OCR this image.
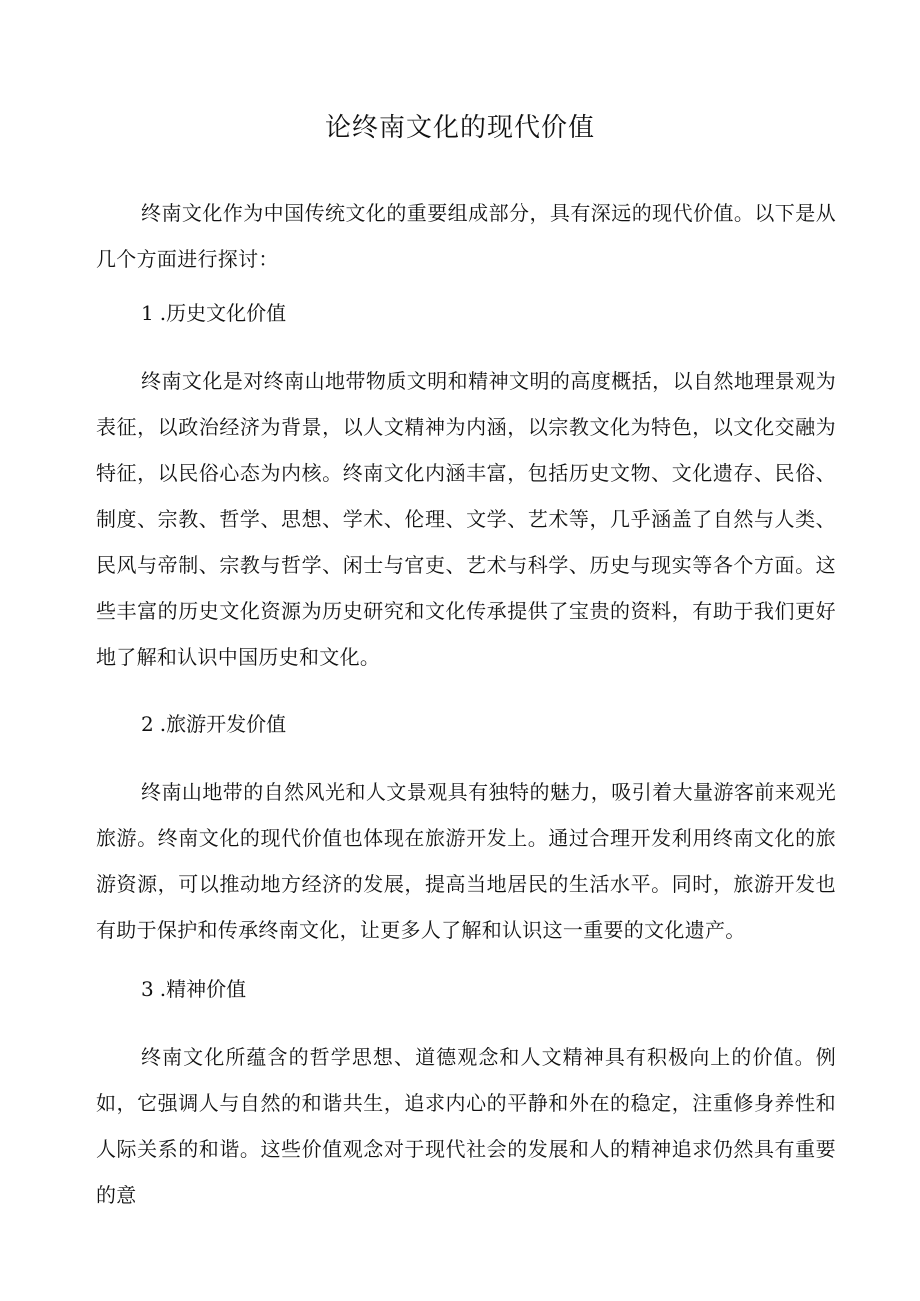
论终南文化的现代价值

终南文化作为中国传统文化的重要组成部分，具有深远的现代价值。以下是从几个方面进行探讨：

1 .历史文化价值

终南文化是对终南山地带物质文明和精神文明的高度概括，以自然地理景观为表征，以政治经济为背景，以人文精神为内涵，以宗教文化为特色，以文化交融为特征，以民俗心态为内核。终南文化内涵丰富，包括历史文物、文化遗存、民俗、制度、宗教、哲学、思想、学术、伦理、文学、艺术等，几乎涵盖了自然与人类、民风与帝制、宗教与哲学、闲士与官吏、艺术与科学、历史与现实等各个方面。这些丰富的历史文化资源为历史研究和文化传承提供了宝贵的资料，有助于我们更好地了解和认识中国历史和文化。

2 .旅游开发价值

终南山地带的自然风光和人文景观具有独特的魅力，吸引着大量游客前来观光旅游。终南文化的现代价值也体现在旅游开发上。通过合理开发利用终南文化的旅游资源，可以推动地方经济的发展，提高当地居民的生活水平。同时，旅游开发也有助于保护和传承终南文化，让更多人了解和认识这一重要的文化遗产。

3 .精神价值

终南文化所蕴含的哲学思想、道德观念和人文精神具有积极向上的价值。例如，它强调人与自然的和谐共生，追求内心的平静和外在的稳定，注重修身养性和人际关系的和谐。这些价值观念对于现代社会的发展和人的精神追求仍然具有重要的意
